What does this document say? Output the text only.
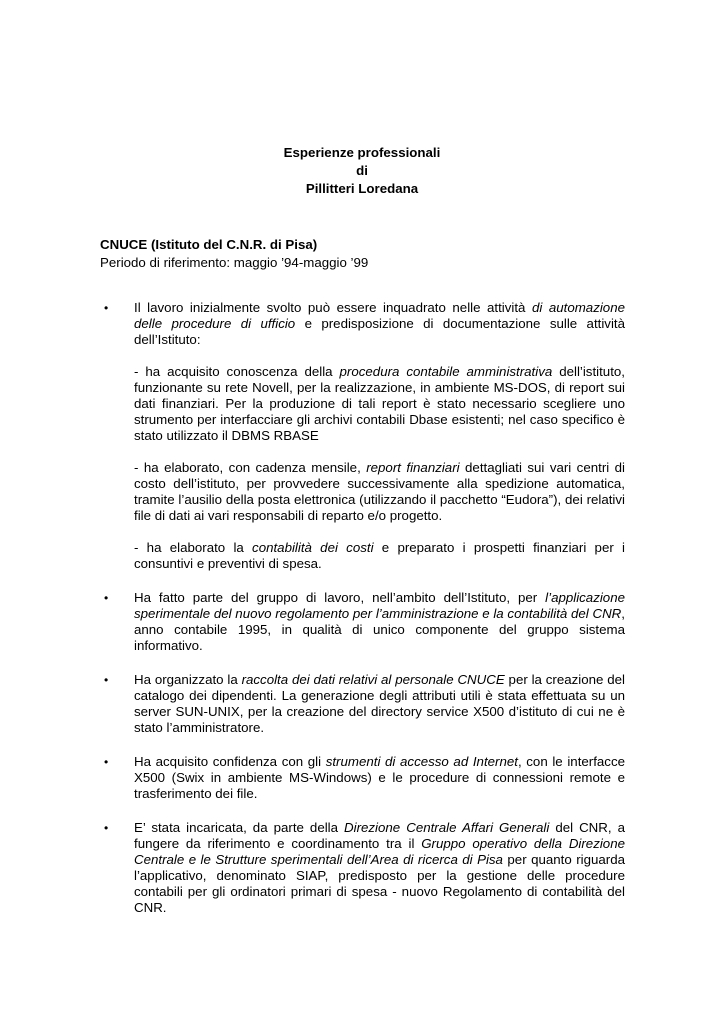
Esperienze professionali
di
Pillitteri Loredana
CNUCE (Istituto del C.N.R. di Pisa)
Periodo di riferimento: maggio ’94-maggio ’99
• Il lavoro inizialmente svolto può essere inquadrato nelle attività di automazione delle procedure di ufficio e predisposizione di documentazione sulle attività dell’Istituto:

- ha acquisito conoscenza della procedura contabile amministrativa dell’istituto, funzionante su rete Novell, per la realizzazione, in ambiente MS-DOS, di report sui dati finanziari. Per la produzione di tali report è stato necessario scegliere uno strumento per interfacciare gli archivi contabili Dbase esistenti; nel caso specifico è stato utilizzato il DBMS RBASE

- ha elaborato, con cadenza mensile, report finanziari dettagliati sui vari centri di costo dell’istituto, per provvedere successivamente alla spedizione automatica, tramite l’ausilio della posta elettronica (utilizzando il pacchetto “Eudora”), dei relativi file di dati ai vari responsabili di reparto e/o progetto.

- ha elaborato la contabilità dei costi e preparato i prospetti finanziari per i consuntivi e preventivi di spesa.

• Ha fatto parte del gruppo di lavoro, nell’ambito dell’Istituto, per l’applicazione sperimentale del nuovo regolamento per l’amministrazione e la contabilità del CNR, anno contabile 1995, in qualità di unico componente del gruppo sistema informativo.

• Ha organizzato la raccolta dei dati relativi al personale CNUCE per la creazione del catalogo dei dipendenti. La generazione degli attributi utili è stata effettuata su un server SUN-UNIX, per la creazione del directory service X500 d’istituto di cui ne è stato l’amministratore.

• Ha acquisito confidenza con gli strumenti di accesso ad Internet, con le interfacce X500 (Swix in ambiente MS-Windows) e le procedure di connessioni remote e trasferimento dei file.

• E’ stata incaricata, da parte della Direzione Centrale Affari Generali del CNR, a fungere da riferimento e coordinamento tra il Gruppo operativo della Direzione Centrale e le Strutture sperimentali dell’Area di ricerca di Pisa per quanto riguarda l’applicativo, denominato SIAP, predisposto per la gestione delle procedure contabili per gli ordinatori primari di spesa - nuovo Regolamento di contabilità del CNR.
